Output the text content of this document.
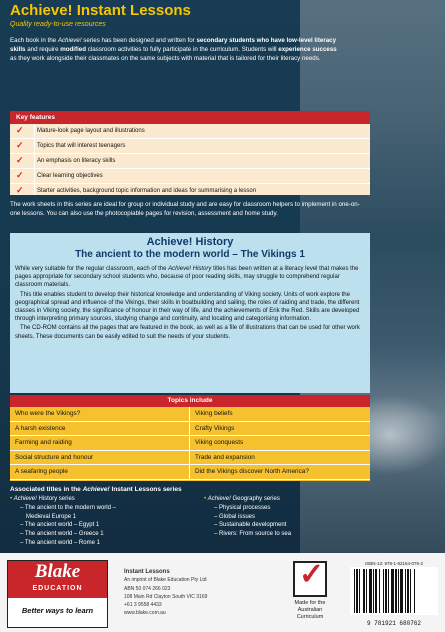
Achieve! Instant Lessons
Quality ready-to-use resources
Each book in the Achieve! series has been designed and written for secondary students who have low-level literacy skills and require modified classroom activities to fully participate in the curriculum. Students will experience success as they work alongside their classmates on the same subjects with material that is tailored for their literacy needs.
Key features
✓ Mature-look page layout and illustrations
✓ Topics that will interest teenagers
✓ An emphasis on literacy skills
✓ Clear learning objectives
✓ Starter activities, background topic information and ideas for summarising a lesson
The work sheets in this series are ideal for group or individual study and are easy for classroom helpers to implement in one-on-one lessons. You can also use the photocopiable pages for revision, assessment and home study.
Achieve! History
The ancient to the modern world – The Vikings 1

While very suitable for the regular classroom, each of the Achieve! History titles has been written at a literacy level that makes the pages appropriate for secondary school students who, because of poor reading skills, may struggle to comprehend regular classroom materials.

This title enables student to develop their historical knowledge and understanding of Viking society. Units of work explore the geographical spread and influence of the Vikings, their skills in boatbuilding and sailing, the roles of raiding and trade, the different classes in Viking society, the significance of honour in their way of life, and the achievements of Erik the Red. Skills are developed through interpreting primary sources, studying change and continuity, and locating and categorising information.

The CD-ROM contains all the pages that are featured in the book, as well as a file of illustrations that can be used for other work sheets. These documents can be easily edited to suit the needs of your students.

Topics include
Who were the Vikings?
A harsh existence
Farming and raiding
Social structure and honour
A seafaring people
Viking beliefs
Crafty Vikings
Viking conquests
Trade and expansion
Did the Vikings discover North America?
Associated titles in the Achieve! Instant Lessons series
• Achieve! History series
– The ancient to the modern world –
Medieval Europe 1
– The ancient world – Egypt 1
– The ancient world – Greece 1
– The ancient world – Rome 1
• Achieve! Geography series
– Physical processes
– Global issues
– Sustainable development
– Rivers: From source to sea
Blake
EDUCATION
Better ways to learn
Instant Lessons
An imprint of Blake Education Pty Ltd
ABN 50 074 266 023
108 Main Rd Clayton South VIC 3169
+61 3 9558 4433
www.blake.com.au
✓
Made for the Australian Curriculum
ISBN-13: 978-1-92164-076-2
9 781921 680762
